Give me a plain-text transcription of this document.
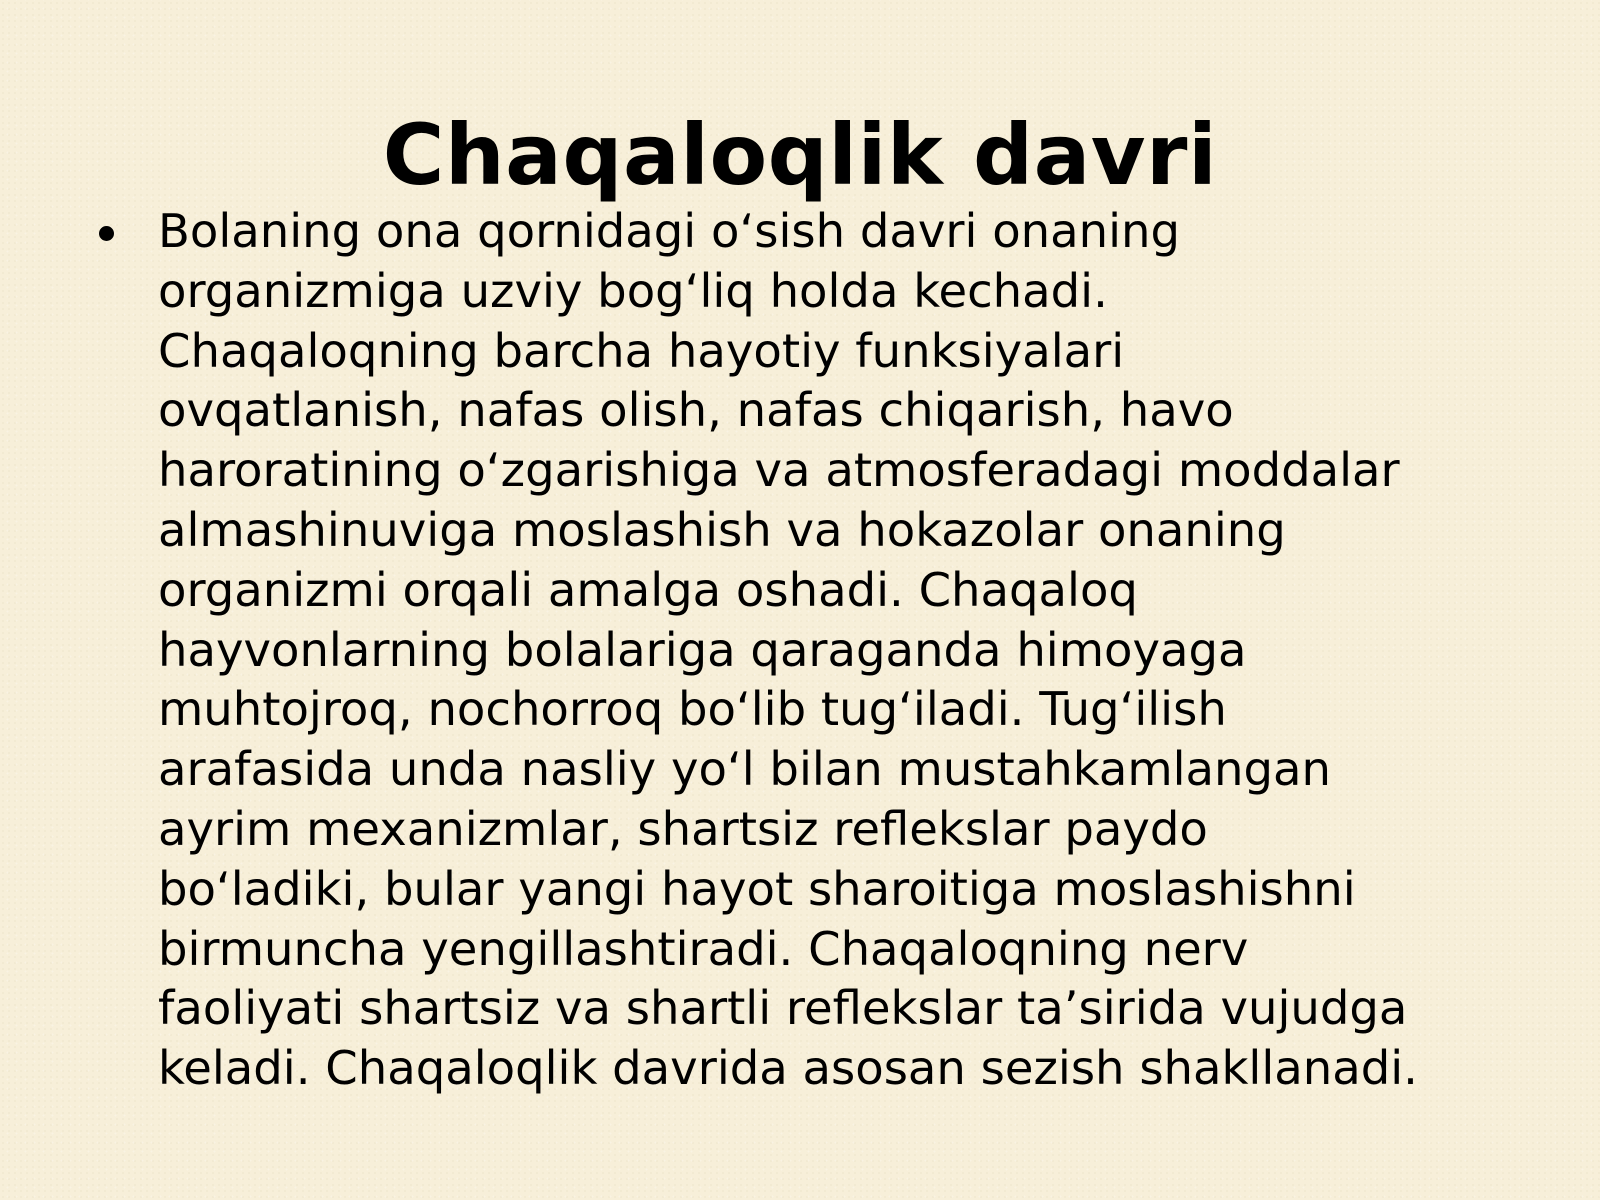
Chaqaloqlik davri
Bolaning ona qornidagi o‘sish davri onaning
organizmiga uzviy bog‘liq holda kechadi.
Chaqaloqning barcha hayotiy funksiyalari
ovqatlanish, nafas olish, nafas chiqarish, havo
haroratining o‘zgarishiga va atmosferadagi moddalar
almashinuviga moslashish va hokazolar onaning
organizmi orqali amalga oshadi. Chaqaloq
hayvonlarning bolalariga qaraganda himoyaga
muhtojroq, nochorroq bo‘lib tug‘iladi. Tug‘ilish
arafasida unda nasliy yo‘l bilan mustahkamlangan
ayrim mexanizmlar, shartsiz reflekslar paydo
bo‘ladiki, bular yangi hayot sharoitiga moslashishni
birmuncha yengillashtiradi. Chaqaloqning nerv
faoliyati shartsiz va shartli reflekslar ta’sirida vujudga
keladi. Chaqaloqlik davrida asosan sezish shakllanadi.
